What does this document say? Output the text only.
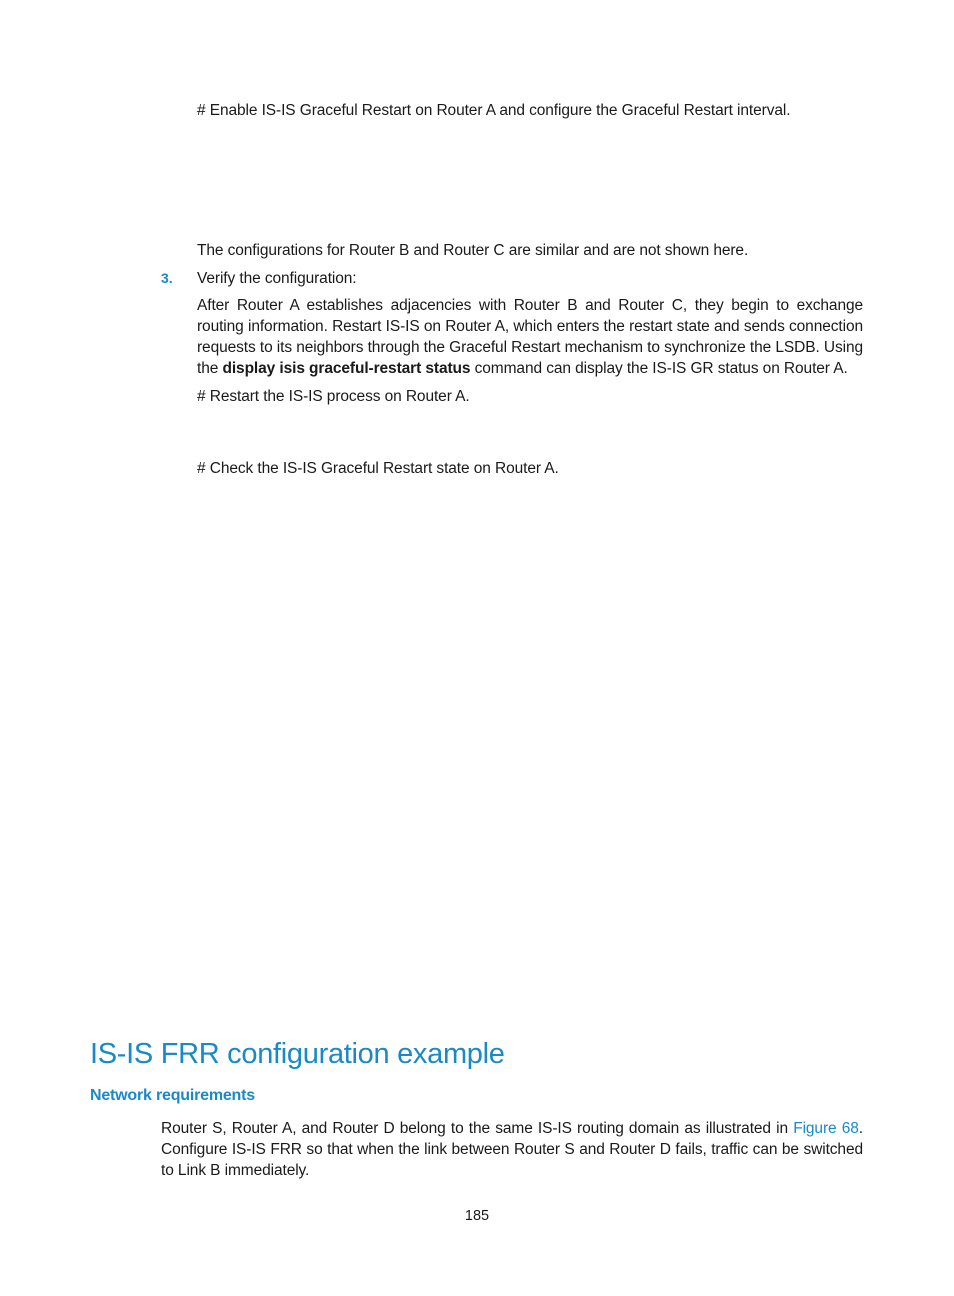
# Enable IS-IS Graceful Restart on Router A and configure the Graceful Restart interval.
The configurations for Router B and Router C are similar and are not shown here.
3. Verify the configuration:
After Router A establishes adjacencies with Router B and Router C, they begin to exchange routing information. Restart IS-IS on Router A, which enters the restart state and sends connection requests to its neighbors through the Graceful Restart mechanism to synchronize the LSDB. Using the display isis graceful-restart status command can display the IS-IS GR status on Router A.
# Restart the IS-IS process on Router A.
# Check the IS-IS Graceful Restart state on Router A.
IS-IS FRR configuration example
Network requirements
Router S, Router A, and Router D belong to the same IS-IS routing domain as illustrated in Figure 68. Configure IS-IS FRR so that when the link between Router S and Router D fails, traffic can be switched to Link B immediately.
185
